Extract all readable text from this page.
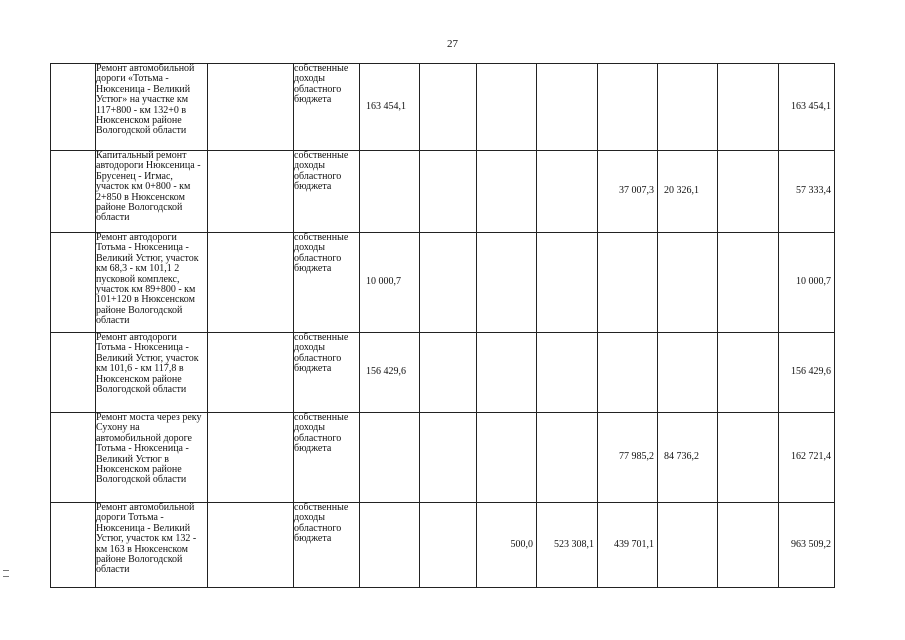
27
	Ремонт автомобильной дороги «Тотьма - Нюксеница - Великий Устюг» на участке км 117+800 - км 132+0 в Нюксенском районе Вологодской области		собственные доходы областного бюджета	163 454,1							163 454,1
	Капитальный ремонт автодороги Нюксеница - Брусенец - Игмас, участок км 0+800 - км 2+850 в Нюксенском районе Вологодской области		собственные доходы областного бюджета					37 007,3	20 326,1		57 333,4
	Ремонт автодороги Тотьма - Нюксеница - Великий Устюг, участок км 68,3 - км 101,1 2 пусковой комплекс, участок км 89+800 - км 101+120 в Нюксенском районе Вологодской области		собственные доходы областного бюджета	10 000,7							10 000,7
	Ремонт автодороги Тотьма - Нюксеница - Великий Устюг, участок км 101,6 - км 117,8 в Нюксенском районе Вологодской области		собственные доходы областного бюджета	156 429,6							156 429,6
	Ремонт моста через реку Сухону на автомобильной дороге Тотьма - Нюксеница - Великий Устюг в Нюксенском районе Вологодской области		собственные доходы областного бюджета					77 985,2	84 736,2		162 721,4
	Ремонт автомобильной дороги Тотьма - Нюксеница - Великий Устюг, участок км 132 - км 163 в Нюксенском районе Вологодской области		собственные доходы областного бюджета			500,0	523 308,1	439 701,1			963 509,2
